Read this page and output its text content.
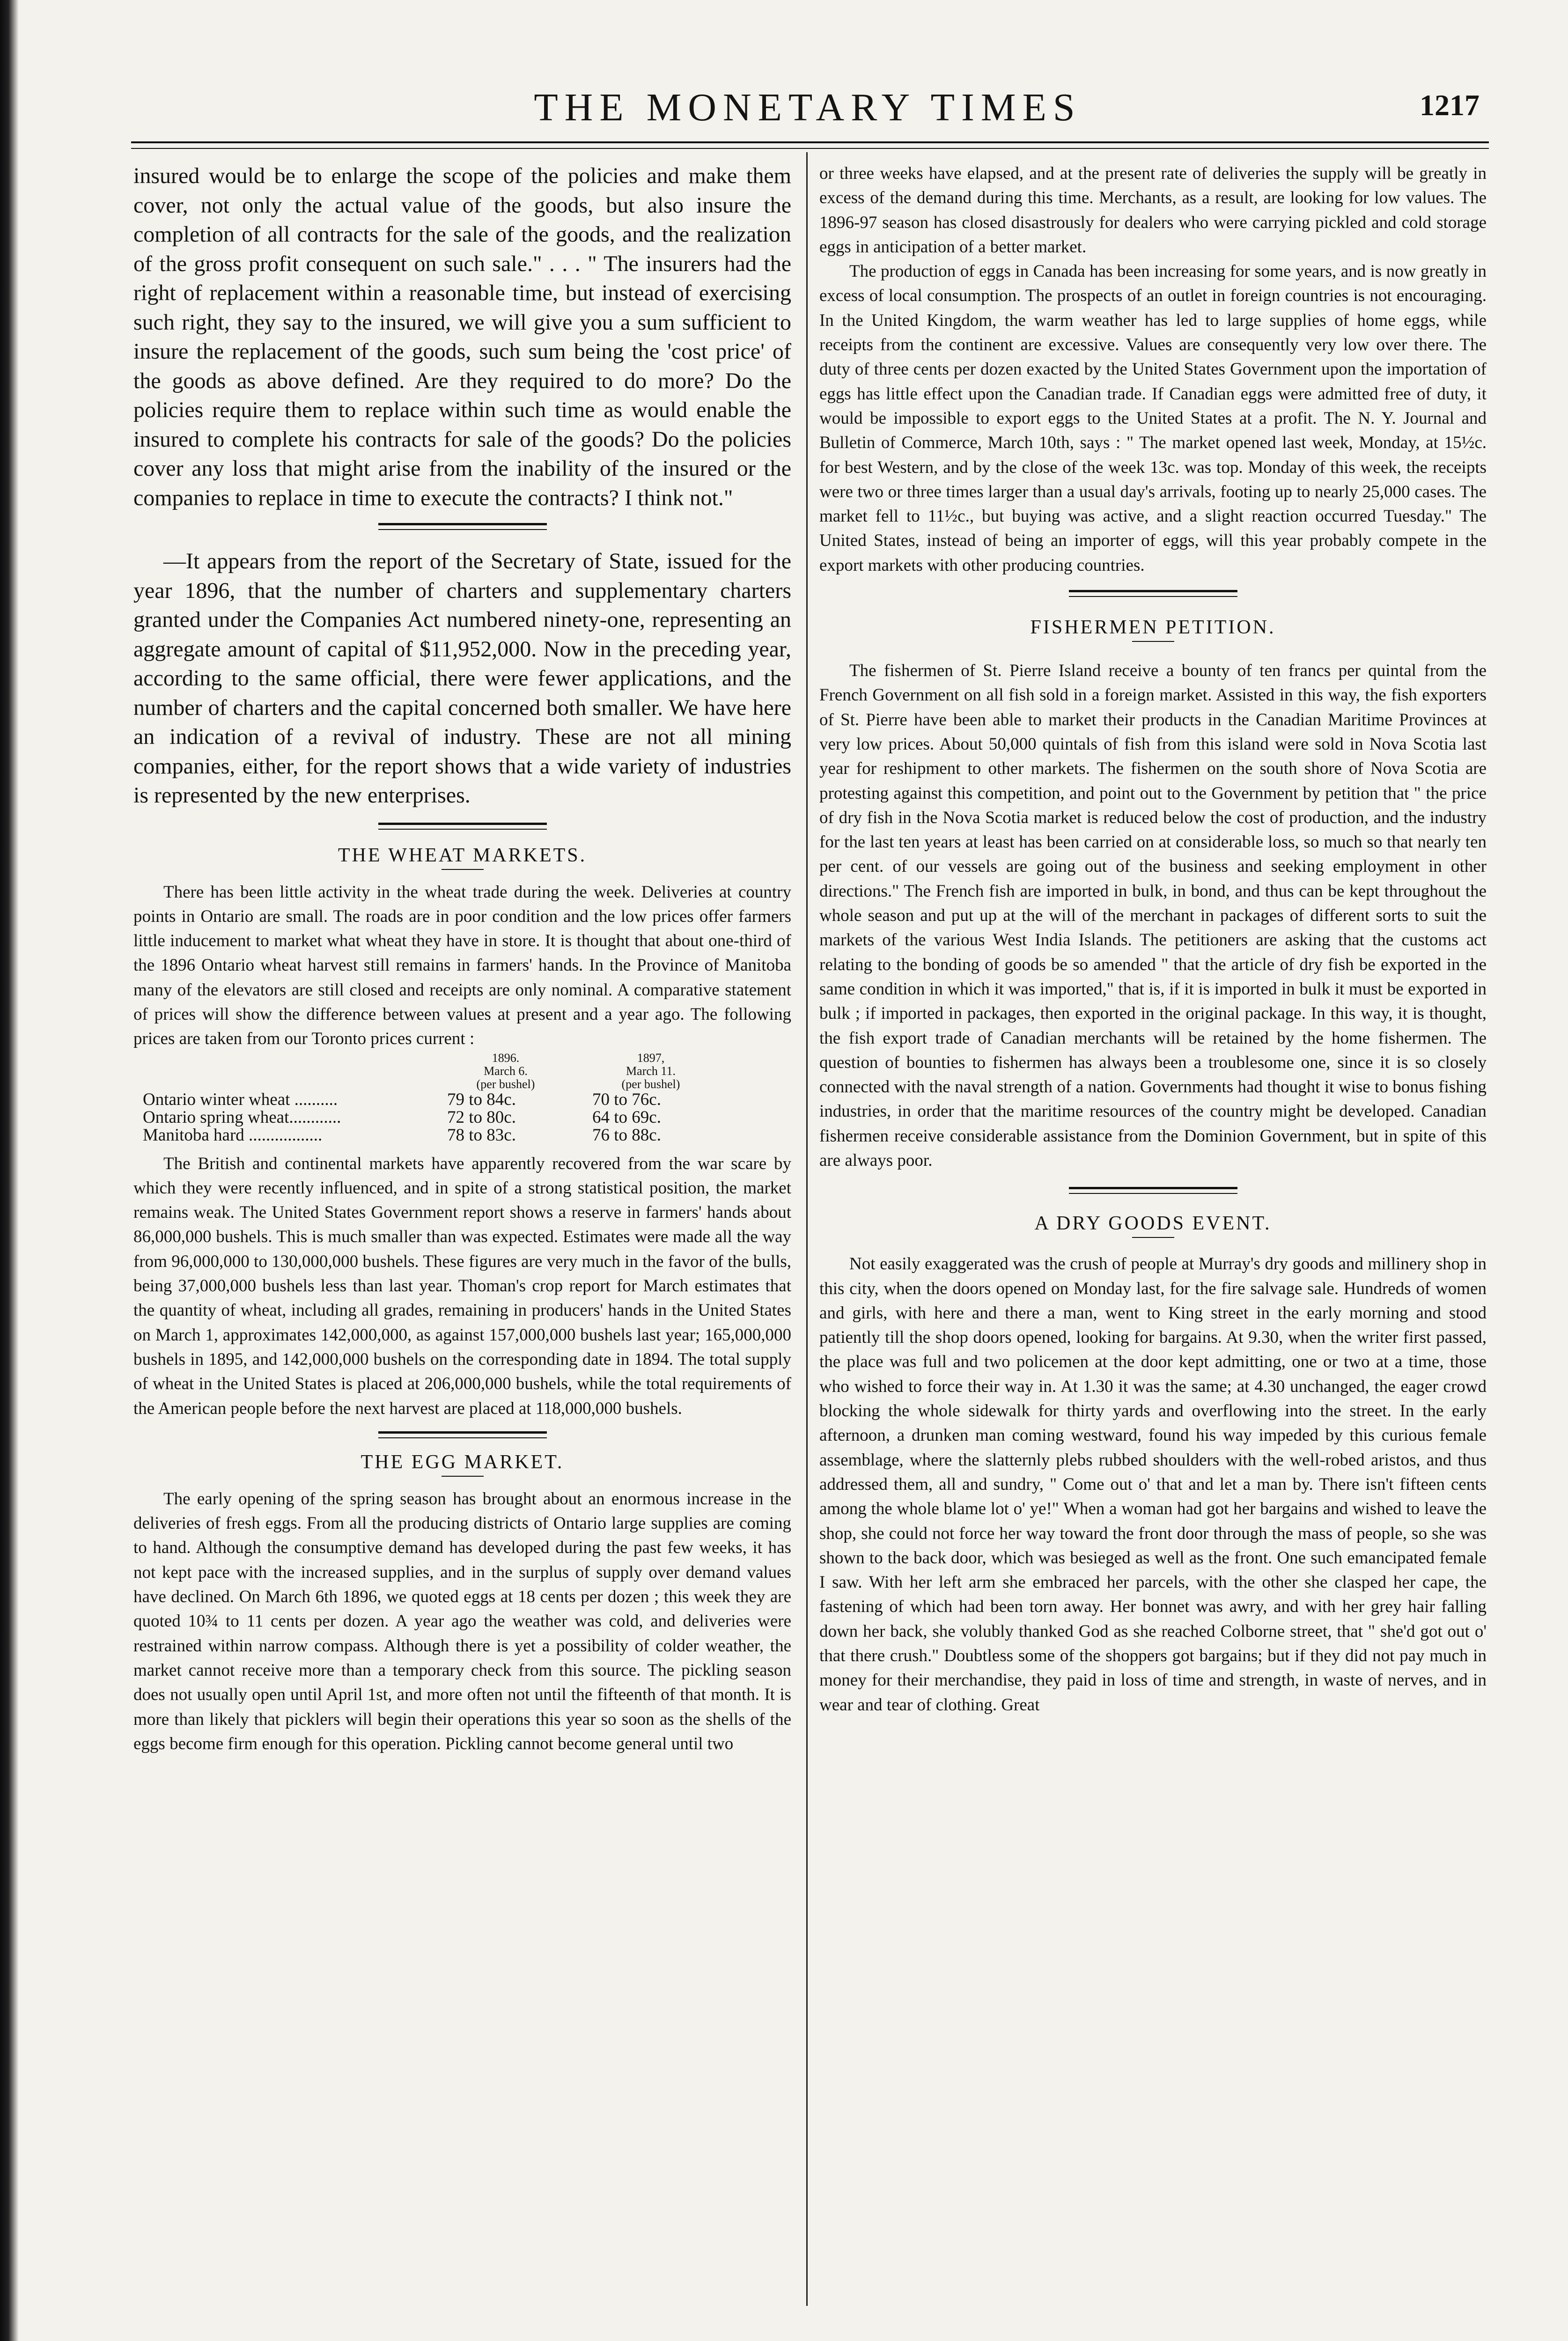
THE MONETARY TIMES	1217

insured would be to enlarge the scope of the policies and make them cover, not only the actual value of the goods, but also insure the completion of all contracts for the sale of the goods, and the realization of the gross profit consequent on such sale." . . . " The insurers had the right of replacement within a reasonable time, but instead of exercising such right, they say to the insured, we will give you a sum sufficient to insure the replacement of the goods, such sum being the 'cost price' of the goods as above defined. Are they required to do more? Do the policies require them to replace within such time as would enable the insured to complete his contracts for sale of the goods? Do the policies cover any loss that might arise from the inability of the insured or the companies to replace in time to execute the contracts? I think not."

—It appears from the report of the Secretary of State, issued for the year 1896, that the number of charters and supplementary charters granted under the Companies Act numbered ninety-one, representing an aggregate amount of capital of $11,952,000. Now in the preceding year, according to the same official, there were fewer applications, and the number of charters and the capital concerned both smaller. We have here an indication of a revival of industry. These are not all mining companies, either, for the report shows that a wide variety of industries is represented by the new enterprises.

THE WHEAT MARKETS.

There has been little activity in the wheat trade during the week. Deliveries at country points in Ontario are small. The roads are in poor condition and the low prices offer farmers little inducement to market what wheat they have in store. It is thought that about one-third of the 1896 Ontario wheat harvest still remains in farmers' hands. In the Province of Manitoba many of the elevators are still closed and receipts are only nominal. A comparative statement of prices will show the difference between values at present and a year ago. The following prices are taken from our Toronto prices current :

	1896.	1897,
	March 6.	March 11.
	(per bushel)	(per bushel)
Ontario winter wheat ..........	79 to 84c.	70 to 76c.
Ontario spring wheat............	72 to 80c.	64 to 69c.
Manitoba hard .................	78 to 83c.	76 to 88c.

The British and continental markets have apparently recovered from the war scare by which they were recently influenced, and in spite of a strong statistical position, the market remains weak. The United States Government report shows a reserve in farmers' hands about 86,000,000 bushels. This is much smaller than was expected. Estimates were made all the way from 96,000,000 to 130,000,000 bushels. These figures are very much in the favor of the bulls, being 37,000,000 bushels less than last year. Thoman's crop report for March estimates that the quantity of wheat, including all grades, remaining in producers' hands in the United States on March 1, approximates 142,000,000, as against 157,000,000 bushels last year; 165,000,000 bushels in 1895, and 142,000,000 bushels on the corresponding date in 1894. The total supply of wheat in the United States is placed at 206,000,000 bushels, while the total requirements of the American people before the next harvest are placed at 118,000,000 bushels.

THE EGG MARKET.

The early opening of the spring season has brought about an enormous increase in the deliveries of fresh eggs. From all the producing districts of Ontario large supplies are coming to hand. Although the consumptive demand has developed during the past few weeks, it has not kept pace with the increased supplies, and in the surplus of supply over demand values have declined. On March 6th 1896, we quoted eggs at 18 cents per dozen ; this week they are quoted 10¾ to 11 cents per dozen. A year ago the weather was cold, and deliveries were restrained within narrow compass. Although there is yet a possibility of colder weather, the market cannot receive more than a temporary check from this source. The pickling season does not usually open until April 1st, and more often not until the fifteenth of that month. It is more than likely that picklers will begin their operations this year so soon as the shells of the eggs become firm enough for this operation. Pickling cannot become general until two

or three weeks have elapsed, and at the present rate of deliveries the supply will be greatly in excess of the demand during this time. Merchants, as a result, are looking for low values. The 1896-97 season has closed disastrously for dealers who were carrying pickled and cold storage eggs in anticipation of a better market.

The production of eggs in Canada has been increasing for some years, and is now greatly in excess of local consumption. The prospects of an outlet in foreign countries is not encouraging. In the United Kingdom, the warm weather has led to large supplies of home eggs, while receipts from the continent are excessive. Values are consequently very low over there. The duty of three cents per dozen exacted by the United States Government upon the importation of eggs has little effect upon the Canadian trade. If Canadian eggs were admitted free of duty, it would be impossible to export eggs to the United States at a profit. The N. Y. Journal and Bulletin of Commerce, March 10th, says : " The market opened last week, Monday, at 15½c. for best Western, and by the close of the week 13c. was top. Monday of this week, the receipts were two or three times larger than a usual day's arrivals, footing up to nearly 25,000 cases. The market fell to 11½c., but buying was active, and a slight reaction occurred Tuesday." The United States, instead of being an importer of eggs, will this year probably compete in the export markets with other producing countries.

FISHERMEN PETITION.

The fishermen of St. Pierre Island receive a bounty of ten francs per quintal from the French Government on all fish sold in a foreign market. Assisted in this way, the fish exporters of St. Pierre have been able to market their products in the Canadian Maritime Provinces at very low prices. About 50,000 quintals of fish from this island were sold in Nova Scotia last year for reshipment to other markets. The fishermen on the south shore of Nova Scotia are protesting against this competition, and point out to the Government by petition that " the price of dry fish in the Nova Scotia market is reduced below the cost of production, and the industry for the last ten years at least has been carried on at considerable loss, so much so that nearly ten per cent. of our vessels are going out of the business and seeking employment in other directions." The French fish are imported in bulk, in bond, and thus can be kept throughout the whole season and put up at the will of the merchant in packages of different sorts to suit the markets of the various West India Islands. The petitioners are asking that the customs act relating to the bonding of goods be so amended " that the article of dry fish be exported in the same condition in which it was imported," that is, if it is imported in bulk it must be exported in bulk ; if imported in packages, then exported in the original package. In this way, it is thought, the fish export trade of Canadian merchants will be retained by the home fishermen. The question of bounties to fishermen has always been a troublesome one, since it is so closely connected with the naval strength of a nation. Governments had thought it wise to bonus fishing industries, in order that the maritime resources of the country might be developed. Canadian fishermen receive considerable assistance from the Dominion Government, but in spite of this are always poor.

A DRY GOODS EVENT.

Not easily exaggerated was the crush of people at Murray's dry goods and millinery shop in this city, when the doors opened on Monday last, for the fire salvage sale. Hundreds of women and girls, with here and there a man, went to King street in the early morning and stood patiently till the shop doors opened, looking for bargains. At 9.30, when the writer first passed, the place was full and two policemen at the door kept admitting, one or two at a time, those who wished to force their way in. At 1.30 it was the same; at 4.30 unchanged, the eager crowd blocking the whole sidewalk for thirty yards and overflowing into the street. In the early afternoon, a drunken man coming westward, found his way impeded by this curious female assemblage, where the slatternly plebs rubbed shoulders with the well-robed aristos, and thus addressed them, all and sundry, " Come out o' that and let a man by. There isn't fifteen cents among the whole blame lot o' ye!" When a woman had got her bargains and wished to leave the shop, she could not force her way toward the front door through the mass of people, so she was shown to the back door, which was besieged as well as the front. One such emancipated female I saw. With her left arm she embraced her parcels, with the other she clasped her cape, the fastening of which had been torn away. Her bonnet was awry, and with her grey hair falling down her back, she volubly thanked God as she reached Colborne street, that " she'd got out o' that there crush." Doubtless some of the shoppers got bargains; but if they did not pay much in money for their merchandise, they paid in loss of time and strength, in waste of nerves, and in wear and tear of clothing. Great
